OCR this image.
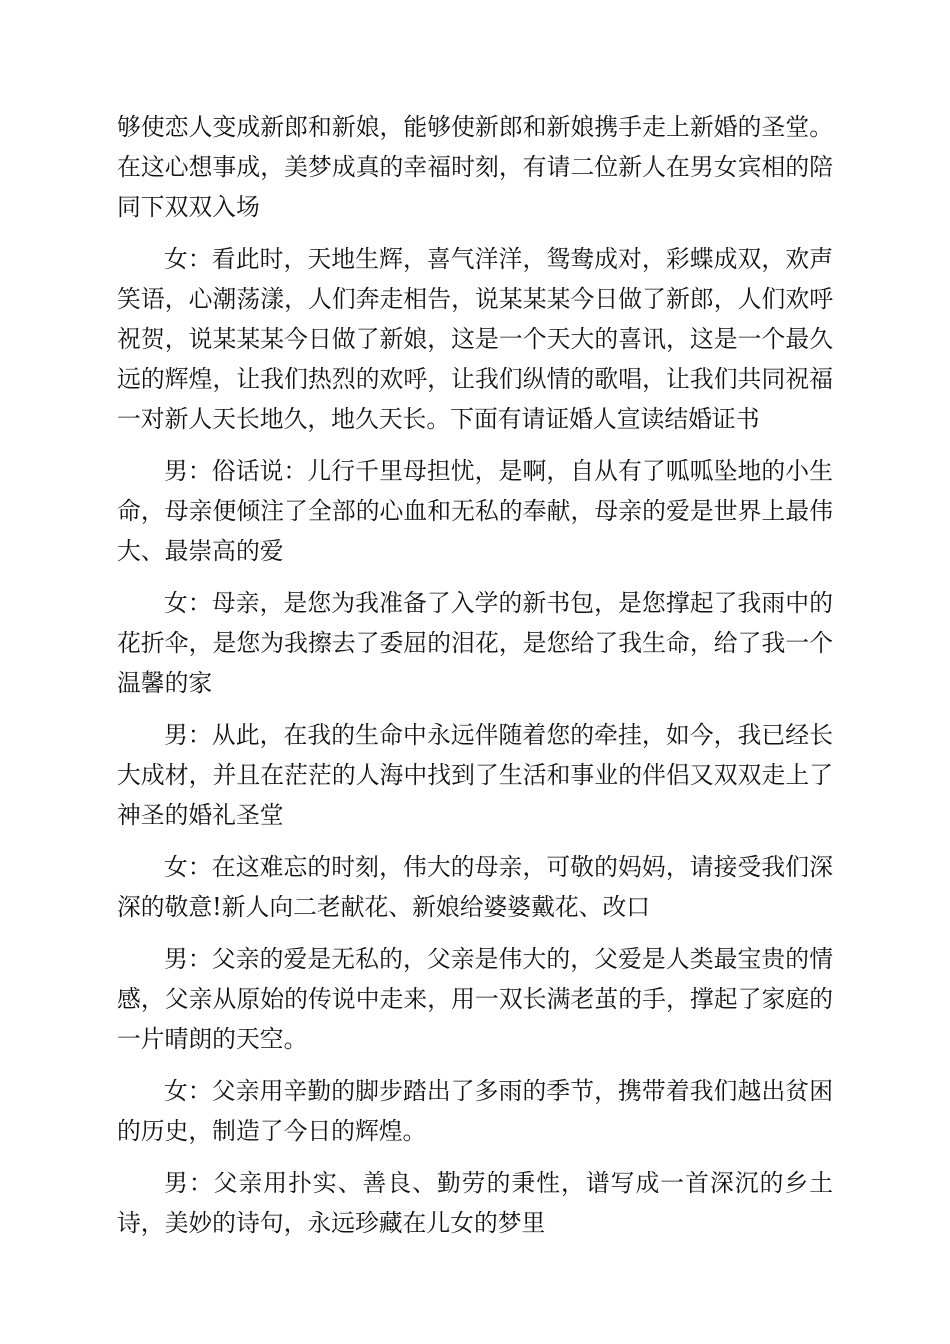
够使恋人变成新郎和新娘，能够使新郎和新娘携手走上新婚的圣堂。在这心想事成，美梦成真的幸福时刻，有请二位新人在男女宾相的陪同下双双入场

女：看此时，天地生辉，喜气洋洋，鸳鸯成对，彩蝶成双，欢声笑语，心潮荡漾，人们奔走相告，说某某某今日做了新郎，人们欢呼祝贺，说某某某今日做了新娘，这是一个天大的喜讯，这是一个最久远的辉煌，让我们热烈的欢呼，让我们纵情的歌唱，让我们共同祝福一对新人天长地久，地久天长。下面有请证婚人宣读结婚证书

男：俗话说：儿行千里母担忧，是啊，自从有了呱呱坠地的小生命，母亲便倾注了全部的心血和无私的奉献，母亲的爱是世界上最伟大、最崇高的爱

女：母亲，是您为我准备了入学的新书包，是您撑起了我雨中的花折伞，是您为我擦去了委屈的泪花，是您给了我生命，给了我一个温馨的家

男：从此，在我的生命中永远伴随着您的牵挂，如今，我已经长大成材，并且在茫茫的人海中找到了生活和事业的伴侣又双双走上了神圣的婚礼圣堂

女：在这难忘的时刻，伟大的母亲，可敬的妈妈，请接受我们深深的敬意!新人向二老献花、新娘给婆婆戴花、改口

男：父亲的爱是无私的，父亲是伟大的，父爱是人类最宝贵的情感，父亲从原始的传说中走来，用一双长满老茧的手，撑起了家庭的一片晴朗的天空。

女：父亲用辛勤的脚步踏出了多雨的季节，携带着我们越出贫困的历史，制造了今日的辉煌。

男：父亲用扑实、善良、勤劳的秉性，谱写成一首深沉的乡土诗，美妙的诗句，永远珍藏在儿女的梦里
